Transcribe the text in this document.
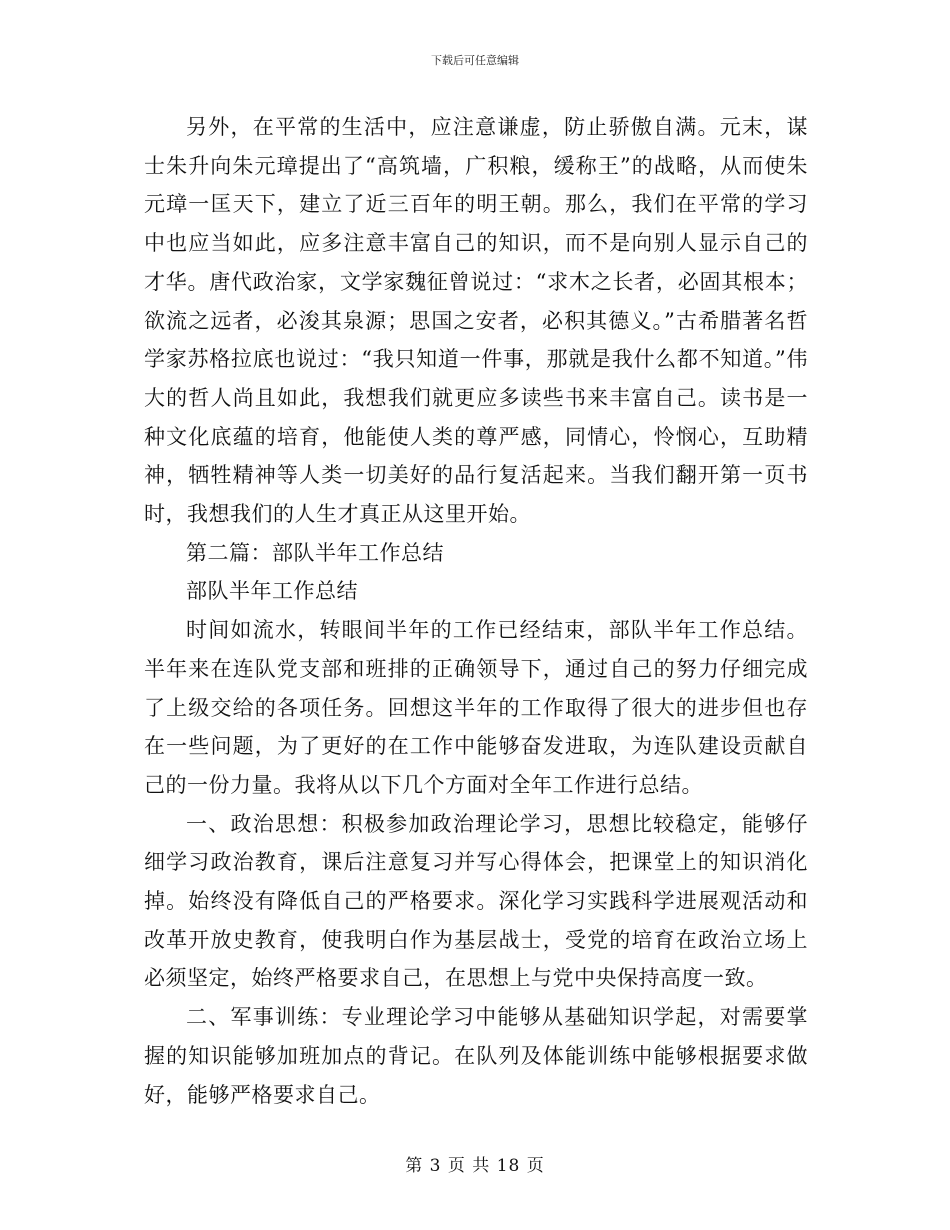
下载后可任意编辑

另外，在平常的生活中，应注意谦虚，防止骄傲自满。元末，谋士朱升向朱元璋提出了“高筑墙，广积粮，缓称王”的战略，从而使朱元璋一匡天下，建立了近三百年的明王朝。那么，我们在平常的学习中也应当如此，应多注意丰富自己的知识，而不是向别人显示自己的才华。唐代政治家，文学家魏征曾说过：“求木之长者，必固其根本；欲流之远者，必浚其泉源；思国之安者，必积其德义。”古希腊著名哲学家苏格拉底也说过：“我只知道一件事，那就是我什么都不知道。”伟大的哲人尚且如此，我想我们就更应多读些书来丰富自己。读书是一种文化底蕴的培育，他能使人类的尊严感，同情心，怜悯心，互助精神，牺牲精神等人类一切美好的品行复活起来。当我们翻开第一页书时，我想我们的人生才真正从这里开始。

第二篇：部队半年工作总结

部队半年工作总结

时间如流水，转眼间半年的工作已经结束，部队半年工作总结。半年来在连队党支部和班排的正确领导下，通过自己的努力仔细完成了上级交给的各项任务。回想这半年的工作取得了很大的进步但也存在一些问题，为了更好的在工作中能够奋发进取，为连队建设贡献自己的一份力量。我将从以下几个方面对全年工作进行总结。

一、政治思想：积极参加政治理论学习，思想比较稳定，能够仔细学习政治教育，课后注意复习并写心得体会，把课堂上的知识消化掉。始终没有降低自己的严格要求。深化学习实践科学进展观活动和改革开放史教育，使我明白作为基层战士，受党的培育在政治立场上必须坚定，始终严格要求自己，在思想上与党中央保持高度一致。

二、军事训练：专业理论学习中能够从基础知识学起，对需要掌握的知识能够加班加点的背记。在队列及体能训练中能够根据要求做好，能够严格要求自己。

第 3 页 共 18 页
